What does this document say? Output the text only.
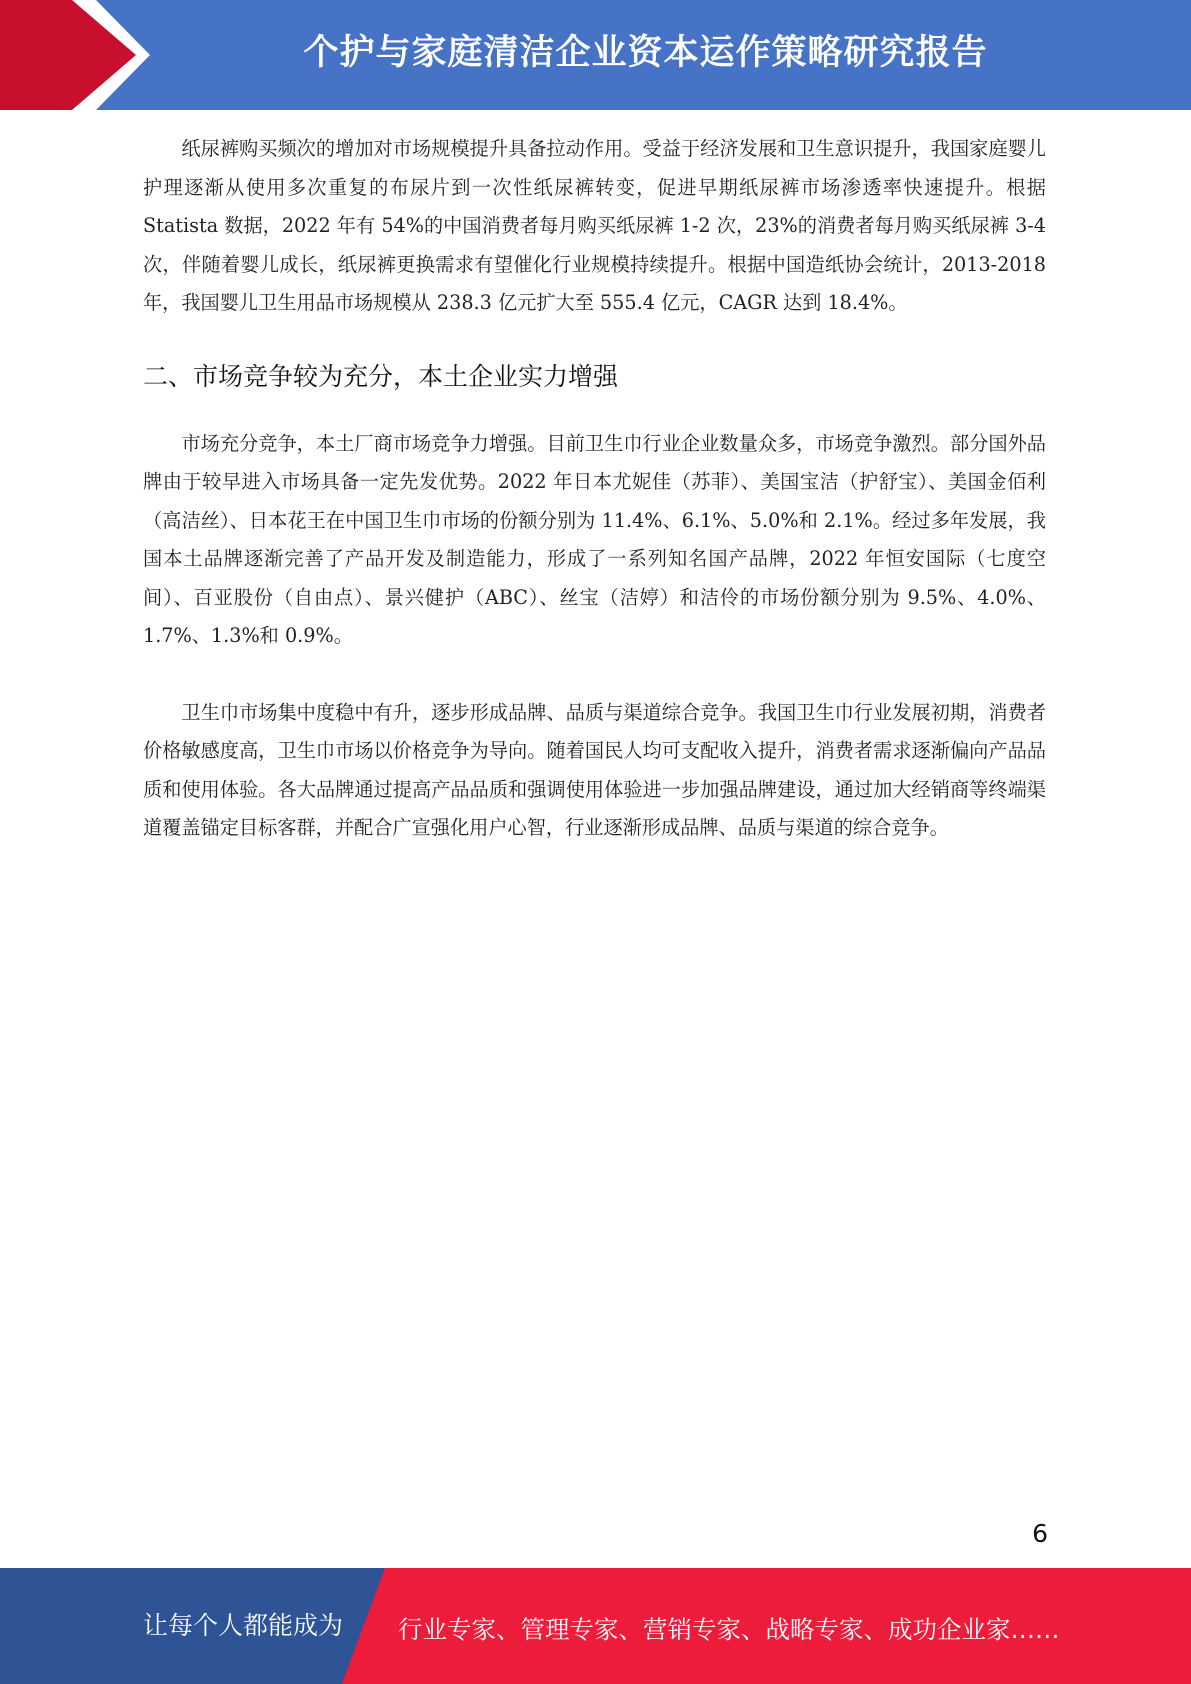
个护与家庭清洁企业资本运作策略研究报告

纸尿裤购买频次的增加对市场规模提升具备拉动作用。受益于经济发展和卫生意识提升，我国家庭婴儿护理逐渐从使用多次重复的布尿片到一次性纸尿裤转变，促进早期纸尿裤市场渗透率快速提升。根据 Statista 数据，2022 年有 54%的中国消费者每月购买纸尿裤 1-2 次，23%的消费者每月购买纸尿裤 3-4 次，伴随着婴儿成长，纸尿裤更换需求有望催化行业规模持续提升。根据中国造纸协会统计，2013-2018 年，我国婴儿卫生用品市场规模从 238.3 亿元扩大至 555.4 亿元，CAGR 达到 18.4%。

二、市场竞争较为充分，本土企业实力增强

市场充分竞争，本土厂商市场竞争力增强。目前卫生巾行业企业数量众多，市场竞争激烈。部分国外品牌由于较早进入市场具备一定先发优势。2022 年日本尤妮佳（苏菲）、美国宝洁（护舒宝）、美国金佰利（高洁丝）、日本花王在中国卫生巾市场的份额分别为 11.4%、6.1%、5.0%和 2.1%。经过多年发展，我国本土品牌逐渐完善了产品开发及制造能力，形成了一系列知名国产品牌，2022 年恒安国际（七度空间）、百亚股份（自由点）、景兴健护（ABC）、丝宝（洁婷）和洁伶的市场份额分别为 9.5%、4.0%、1.7%、1.3%和 0.9%。

卫生巾市场集中度稳中有升，逐步形成品牌、品质与渠道综合竞争。我国卫生巾行业发展初期，消费者价格敏感度高，卫生巾市场以价格竞争为导向。随着国民人均可支配收入提升，消费者需求逐渐偏向产品品质和使用体验。各大品牌通过提高产品品质和强调使用体验进一步加强品牌建设，通过加大经销商等终端渠道覆盖锚定目标客群，并配合广宣强化用户心智，行业逐渐形成品牌、品质与渠道的综合竞争。

6
让每个人都能成为 行业专家、管理专家、营销专家、战略专家、成功企业家……
